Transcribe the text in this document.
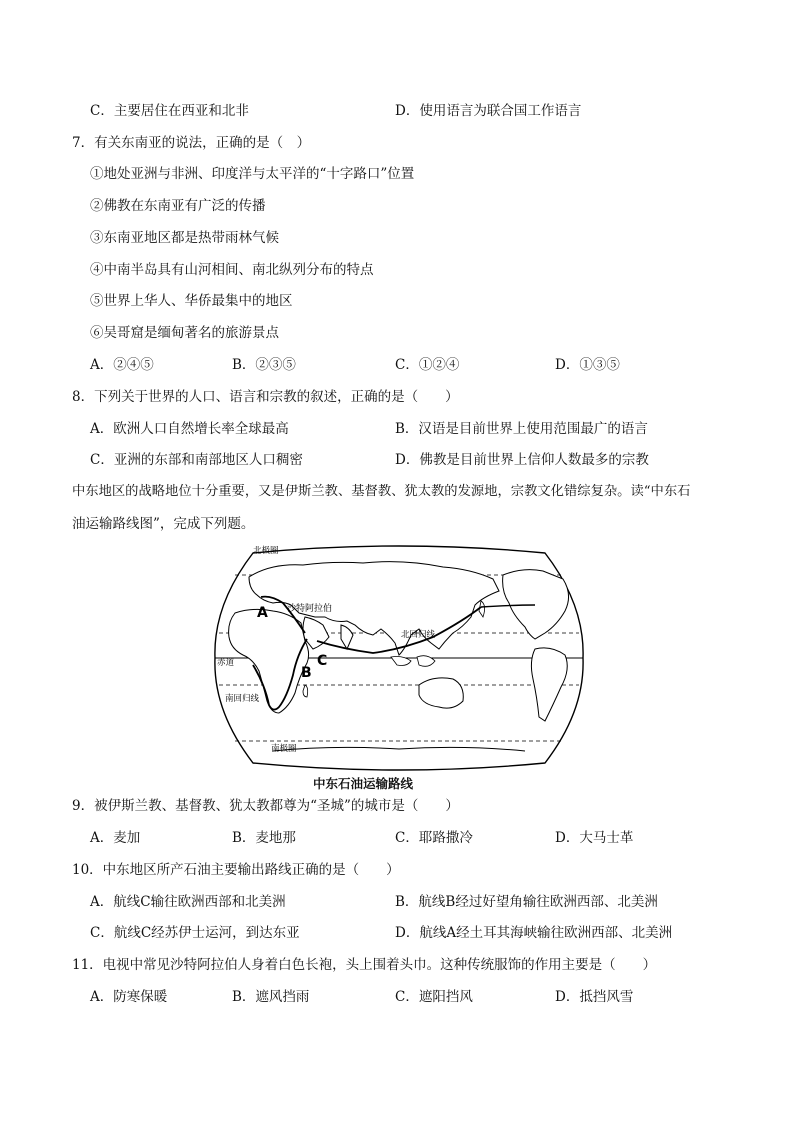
C．主要居住在西亚和北非	D．使用语言为联合国工作语言
7．有关东南亚的说法，正确的是（　）
①地处亚洲与非洲、印度洋与太平洋的“十字路口”位置
②佛教在东南亚有广泛的传播
③东南亚地区都是热带雨林气候
④中南半岛具有山河相间、南北纵列分布的特点
⑤世界上华人、华侨最集中的地区
⑥吴哥窟是缅甸著名的旅游景点
A．②④⑤	B．②③⑤	C．①②④	D．①③⑤
8．下列关于世界的人口、语言和宗教的叙述，正确的是（　　）
A．欧洲人口自然增长率全球最高	B．汉语是目前世界上使用范围最广的语言
C．亚洲的东部和南部地区人口稠密	D．佛教是目前世界上信仰人数最多的宗教
中东地区的战略地位十分重要，又是伊斯兰教、基督教、犹太教的发源地，宗教文化错综复杂。读“中东石
油运输路线图”，完成下列题。
北极圈
沙特阿拉伯
北回归线
赤道
南回归线
南极圈
A
B
C
中东石油运输路线
9．被伊斯兰教、基督教、犹太教都尊为“圣城”的城市是（　　）
A．麦加	B．麦地那	C．耶路撒冷	D．大马士革
10．中东地区所产石油主要输出路线正确的是（　　）
A．航线C输往欧洲西部和北美洲	B．航线B经过好望角输往欧洲西部、北美洲
C．航线C经苏伊士运河，到达东亚	D．航线A经土耳其海峡输往欧洲西部、北美洲
11．电视中常见沙特阿拉伯人身着白色长袍，头上围着头巾。这种传统服饰的作用主要是（　　）
A．防寒保暖	B．遮风挡雨	C．遮阳挡风	D．抵挡风雪
